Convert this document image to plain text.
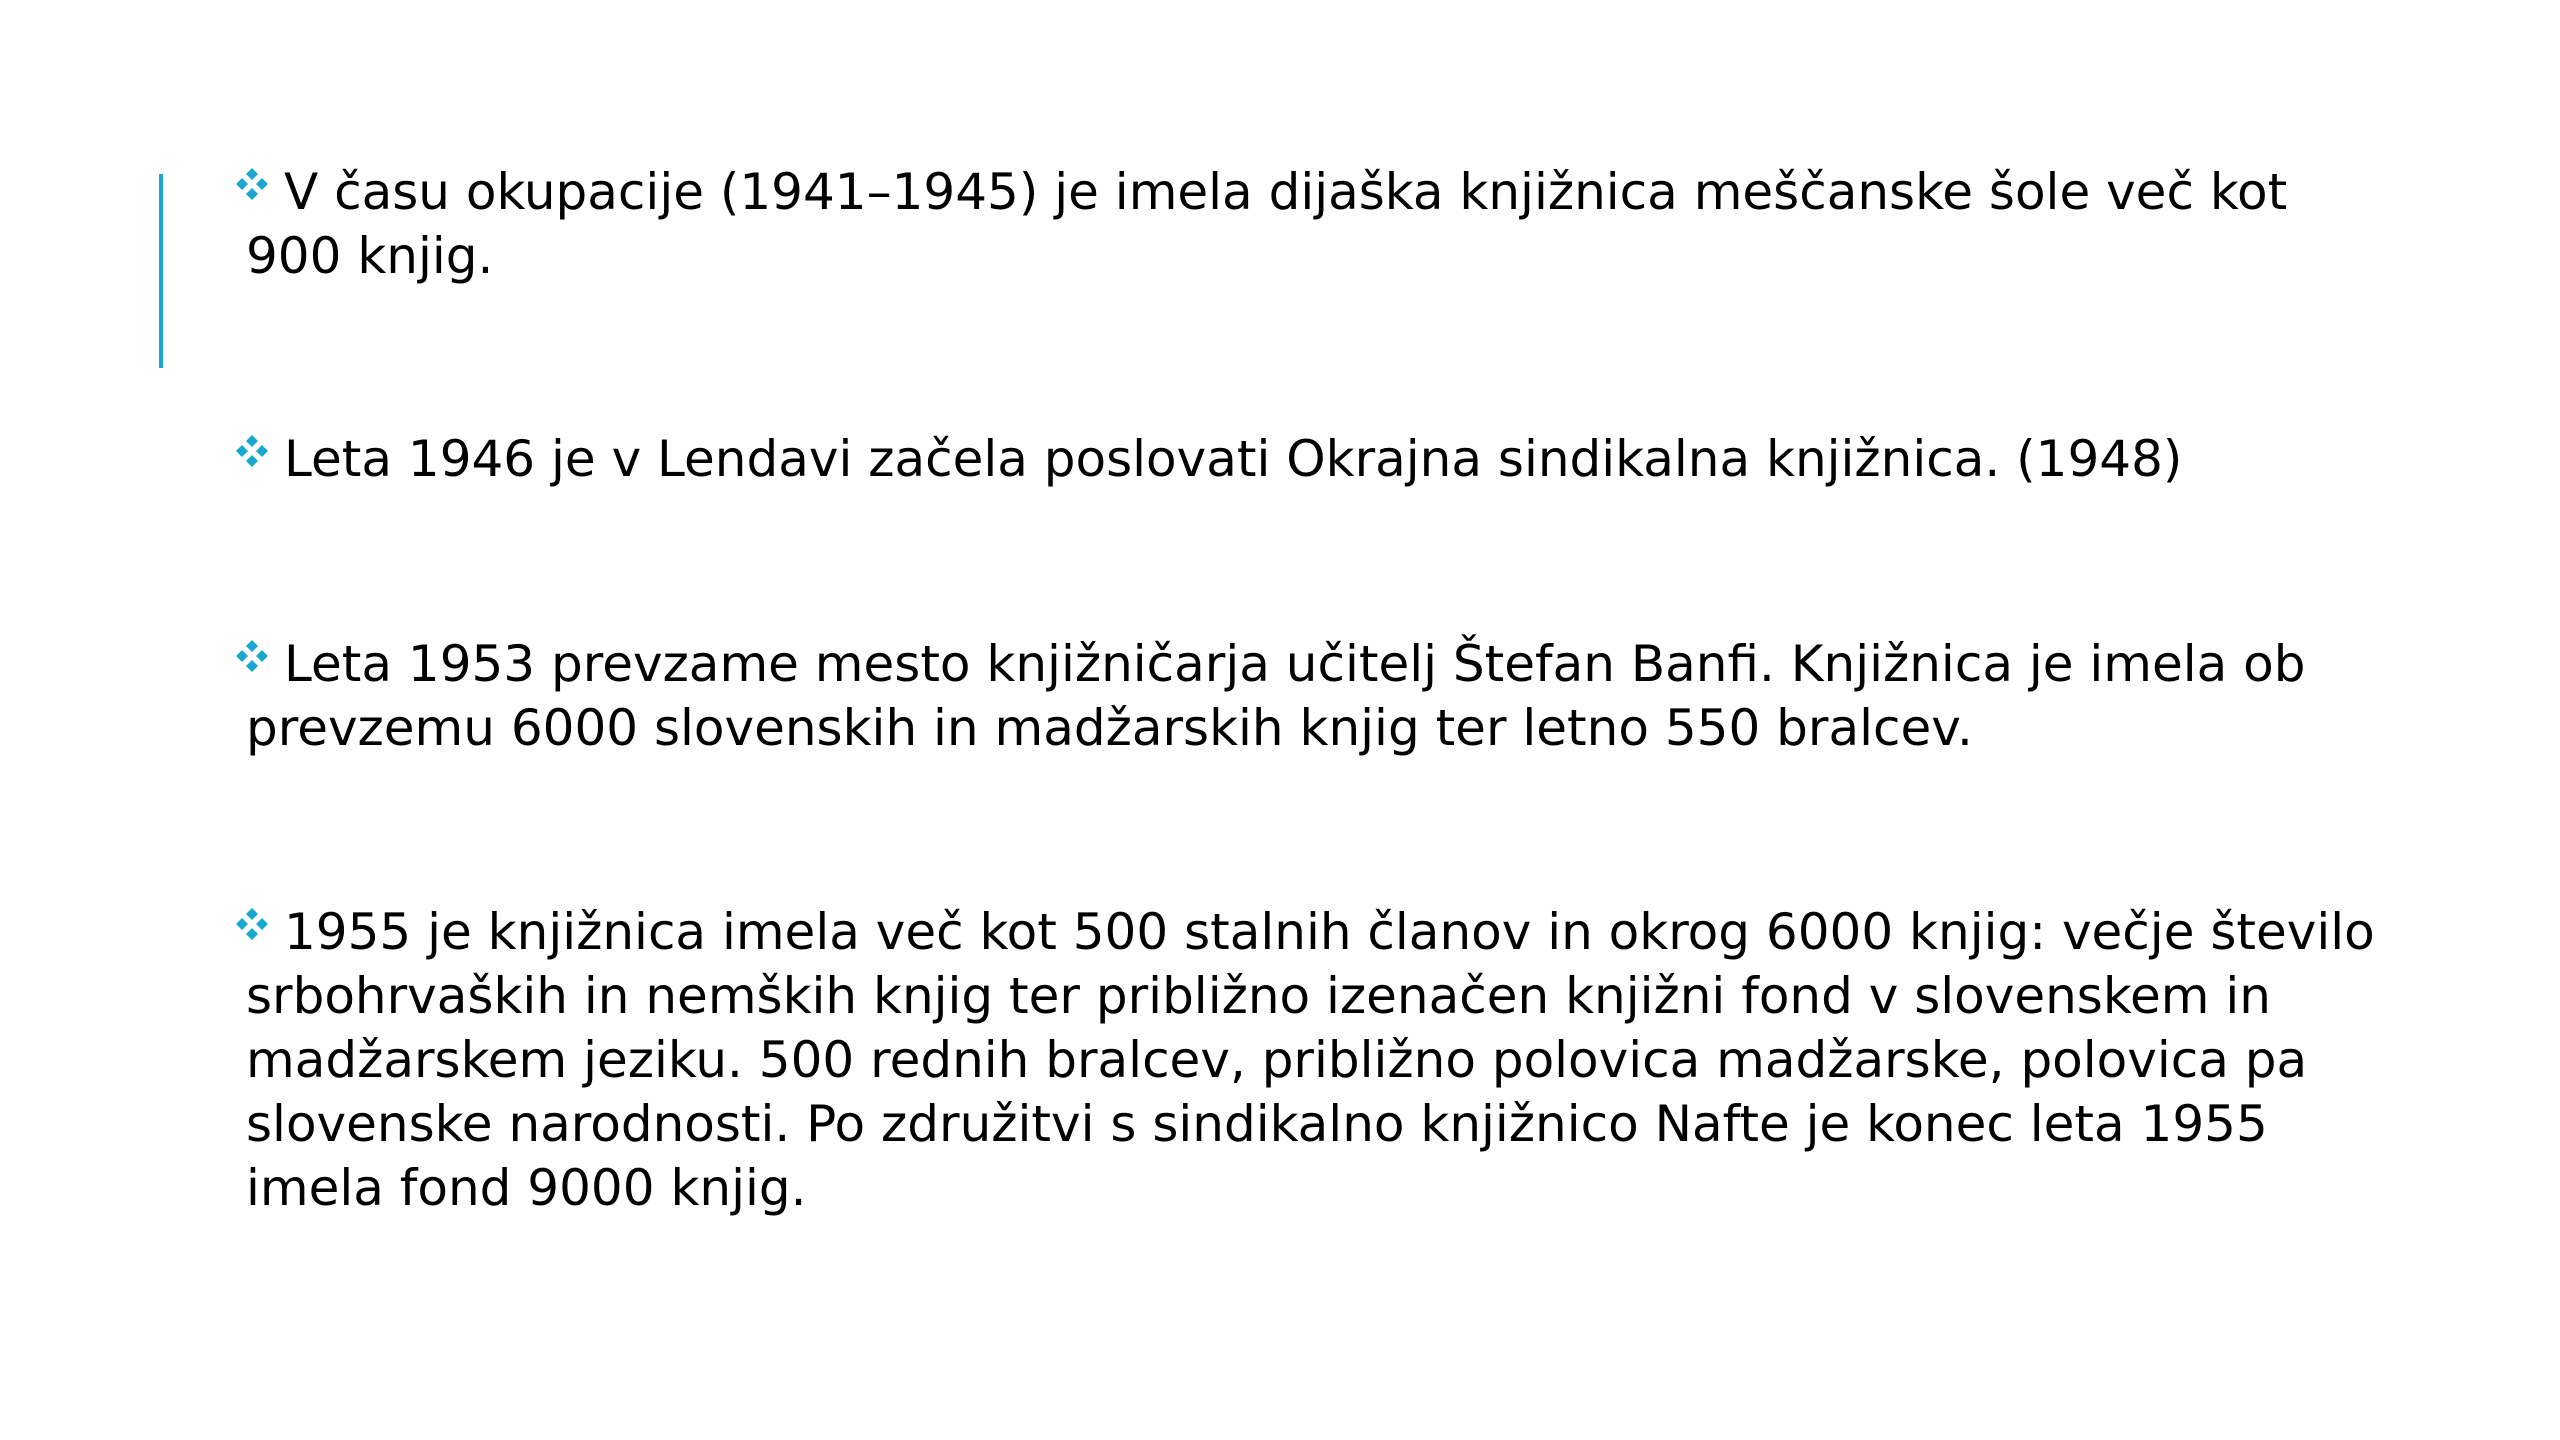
V času okupacije (1941–1945) je imela dijaška knjižnica meščanske šole več kot
900 knjig.
Leta 1946 je v Lendavi začela poslovati Okrajna sindikalna knjižnica. (1948)
Leta 1953 prevzame mesto knjižničarja učitelj Štefan Banfi. Knjižnica je imela ob
prevzemu 6000 slovenskih in madžarskih knjig ter letno 550 bralcev.
1955 je knjižnica imela več kot 500 stalnih članov in okrog 6000 knjig: večje število
srbohrvaških in nemških knjig ter približno izenačen knjižni fond v slovenskem in
madžarskem jeziku. 500 rednih bralcev, približno polovica madžarske, polovica pa
slovenske narodnosti. Po združitvi s sindikalno knjižnico Nafte je konec leta 1955
imela fond 9000 knjig.
